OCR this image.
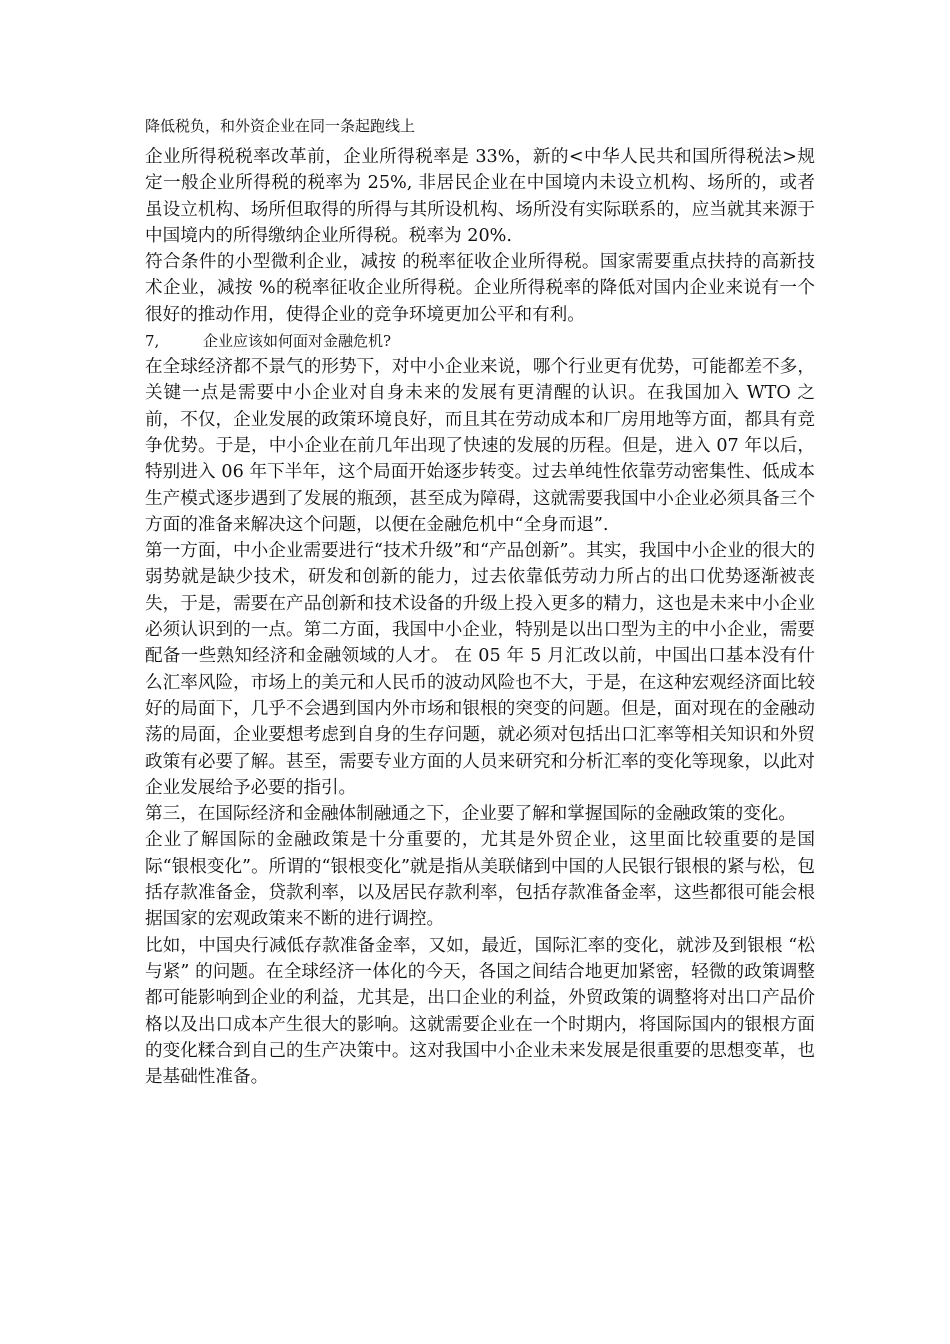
降低税负，和外资企业在同一条起跑线上

企业所得税税率改革前，企业所得税率是 33%，新的<中华人民共和国所得税法>规定一般企业所得税的税率为 25%, 非居民企业在中国境内未设立机构、场所的，或者虽设立机构、场所但取得的所得与其所设机构、场所没有实际联系的，应当就其来源于中国境内的所得缴纳企业所得税。税率为 20%.

符合条件的小型微利企业，减按 的税率征收企业所得税。国家需要重点扶持的高新技术企业，减按 %的税率征收企业所得税。企业所得税率的降低对国内企业来说有一个很好的推动作用，使得企业的竞争环境更加公平和有利。

7,	企业应该如何面对金融危机?

在全球经济都不景气的形势下，对中小企业来说，哪个行业更有优势，可能都差不多，关键一点是需要中小企业对自身未来的发展有更清醒的认识。在我国加入 WTO 之前，不仅，企业发展的政策环境良好，而且其在劳动成本和厂房用地等方面，都具有竞争优势。于是，中小企业在前几年出现了快速的发展的历程。但是，进入 07 年以后，特别进入 06 年下半年，这个局面开始逐步转变。过去单纯性依靠劳动密集性、低成本生产模式逐步遇到了发展的瓶颈，甚至成为障碍，这就需要我国中小企业必须具备三个方面的准备来解决这个问题，以便在金融危机中“全身而退”.

第一方面，中小企业需要进行“技术升级”和“产品创新”。其实，我国中小企业的很大的弱势就是缺少技术，研发和创新的能力，过去依靠低劳动力所占的出口优势逐渐被丧失，于是，需要在产品创新和技术设备的升级上投入更多的精力，这也是未来中小企业必须认识到的一点。第二方面，我国中小企业，特别是以出口型为主的中小企业，需要配备一些熟知经济和金融领域的人才。 在 05 年 5 月汇改以前，中国出口基本没有什么汇率风险，市场上的美元和人民币的波动风险也不大，于是，在这种宏观经济面比较好的局面下，几乎不会遇到国内外市场和银根的突变的问题。但是，面对现在的金融动荡的局面，企业要想考虑到自身的生存问题，就必须对包括出口汇率等相关知识和外贸政策有必要了解。甚至，需要专业方面的人员来研究和分析汇率的变化等现象，以此对企业发展给予必要的指引。

第三，在国际经济和金融体制融通之下，企业要了解和掌握国际的金融政策的变化。

企业了解国际的金融政策是十分重要的，尤其是外贸企业，这里面比较重要的是国际“银根变化”。所谓的“银根变化”就是指从美联储到中国的人民银行银根的紧与松，包括存款准备金，贷款利率，以及居民存款利率，包括存款准备金率，这些都很可能会根据国家的宏观政策来不断的进行调控。

比如，中国央行减低存款准备金率，又如，最近，国际汇率的变化，就涉及到银根 “松与紧” 的问题。在全球经济一体化的今天，各国之间结合地更加紧密，轻微的政策调整都可能影响到企业的利益，尤其是，出口企业的利益，外贸政策的调整将对出口产品价格以及出口成本产生很大的影响。这就需要企业在一个时期内，将国际国内的银根方面的变化糅合到自己的生产决策中。这对我国中小企业未来发展是很重要的思想变革，也是基础性准备。
